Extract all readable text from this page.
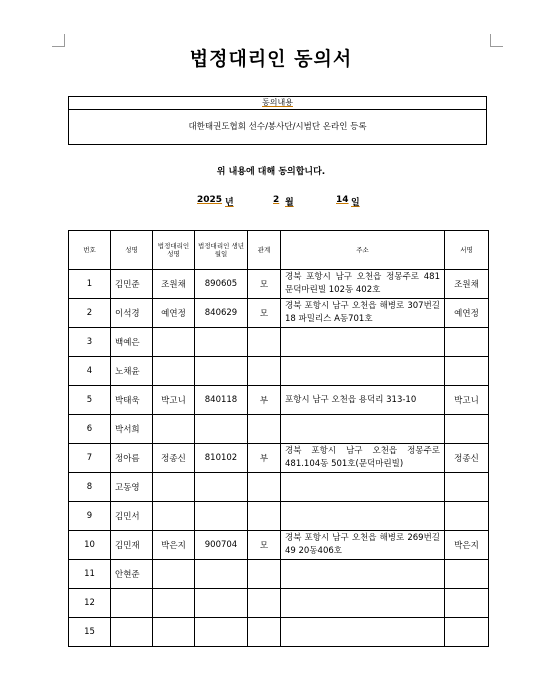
법정대리인 동의서
동의내용
대한태권도협회 선수/봉사단/시범단 온라인 등록
위 내용에 대해 동의합니다.
2025 년	2 월	14 일
번호	성명	법정대리인 성명	법정대리인 생년월일	관계	주소	서명
1	김민준	조원채	890605	모	경북 포항시 남구 오천읍 정몽주로 481 문덕마린빌 102동 402호	조원채
2	이석경	예연정	840629	모	경북 포항시 남구 오천읍 해병로 307번길18 파밀리스 A동701호	예연정
3	백예은					
4	노채윤					
5	박태욱	박고니	840118	부	포항시 남구 오천읍 용덕리 313-10	박고니
6	박서희					
7	정아름	정종신	810102	부	경북 포항시 남구 오천읍 정몽주로 481.104동 501호(문덕마린빌)	정종신
8	고동영					
9	김민서					
10	김민재	박은지	900704	모	경북 포항시 남구 오천읍 해병로 269번길 49 20동406호	박은지
11	안현준					
12						
15						
